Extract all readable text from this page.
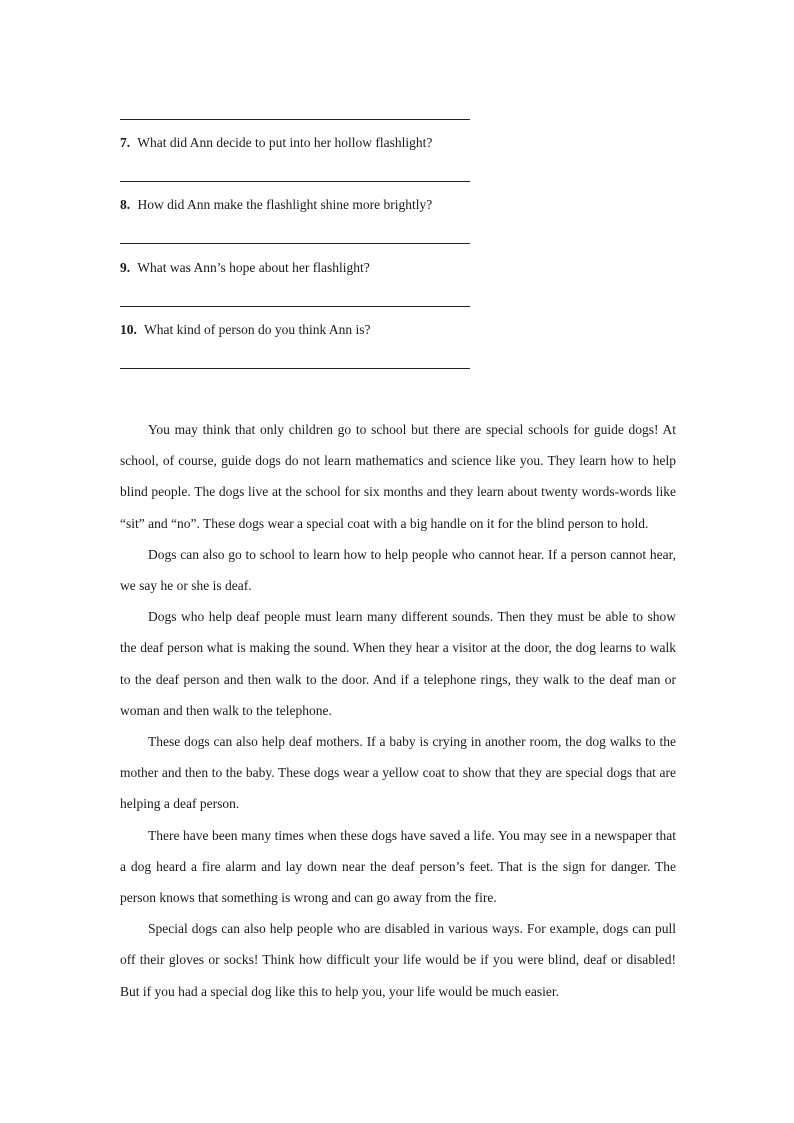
7. What did Ann decide to put into her hollow flashlight?
8. How did Ann make the flashlight shine more brightly?
9. What was Ann’s hope about her flashlight?
10. What kind of person do you think Ann is?

You may think that only children go to school but there are special schools for guide dogs! At school, of course, guide dogs do not learn mathematics and science like you. They learn how to help blind people. The dogs live at the school for six months and they learn about twenty words-words like “sit” and “no”. These dogs wear a special coat with a big handle on it for the blind person to hold.

Dogs can also go to school to learn how to help people who cannot hear. If a person cannot hear, we say he or she is deaf.

Dogs who help deaf people must learn many different sounds. Then they must be able to show the deaf person what is making the sound. When they hear a visitor at the door, the dog learns to walk to the deaf person and then walk to the door. And if a telephone rings, they walk to the deaf man or woman and then walk to the telephone.

These dogs can also help deaf mothers. If a baby is crying in another room, the dog walks to the mother and then to the baby. These dogs wear a yellow coat to show that they are special dogs that are helping a deaf person.

There have been many times when these dogs have saved a life. You may see in a newspaper that a dog heard a fire alarm and lay down near the deaf person’s feet. That is the sign for danger. The person knows that something is wrong and can go away from the fire.

Special dogs can also help people who are disabled in various ways. For example, dogs can pull off their gloves or socks! Think how difficult your life would be if you were blind, deaf or disabled! But if you had a special dog like this to help you, your life would be much easier.
